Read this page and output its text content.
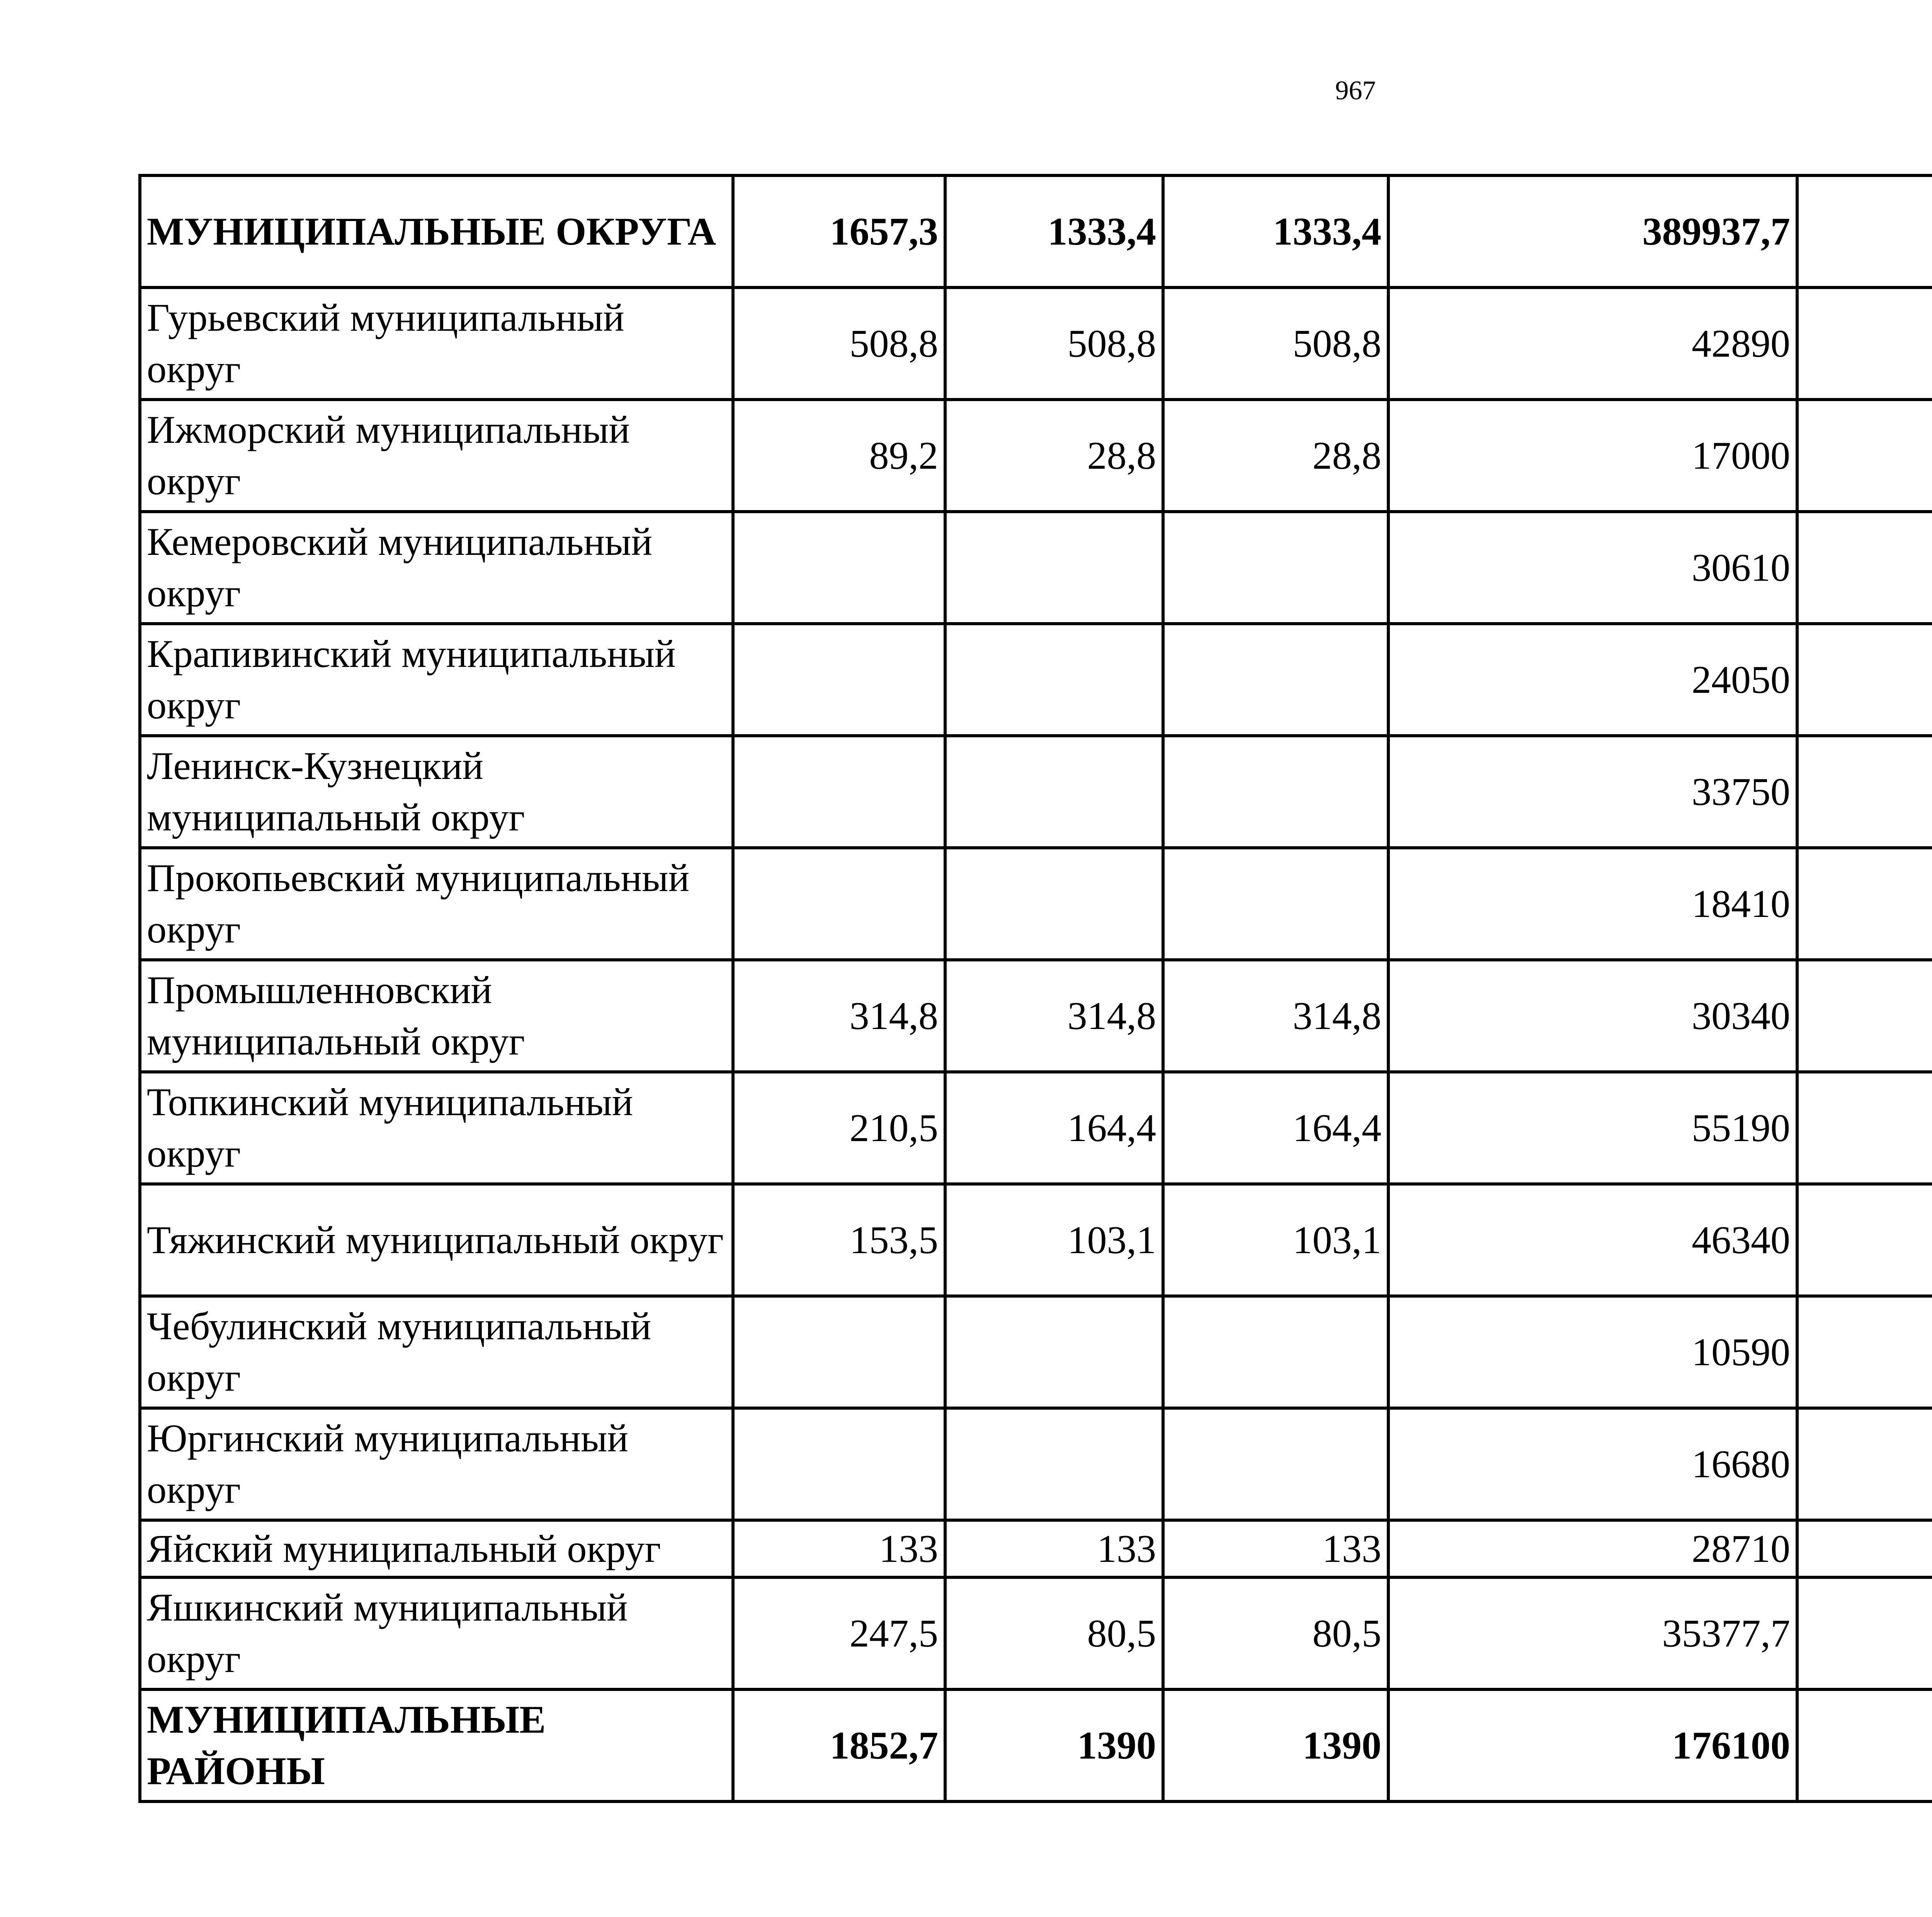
967
МУНИЦИПАЛЬНЫЕ ОКРУГА	1657,3	1333,4	1333,4	389937,7		
Гурьевский муниципальный округ	508,8	508,8	508,8	42890		
Ижморский муниципальный округ	89,2	28,8	28,8	17000		
Кемеровский муниципальный округ				30610		
Крапивинский муниципальный округ				24050		
Ленинск-Кузнецкий муниципальный округ				33750		
Прокопьевский муниципальный округ				18410		
Промышленновский муниципальный округ	314,8	314,8	314,8	30340		
Топкинский муниципальный округ	210,5	164,4	164,4	55190		
Тяжинский муниципальный округ	153,5	103,1	103,1	46340		
Чебулинский муниципальный округ				10590		
Юргинский муниципальный округ				16680		
Яйский муниципальный округ	133	133	133	28710		
Яшкинский муниципальный округ	247,5	80,5	80,5	35377,7		
МУНИЦИПАЛЬНЫЕ РАЙОНЫ	1852,7	1390	1390	176100		
